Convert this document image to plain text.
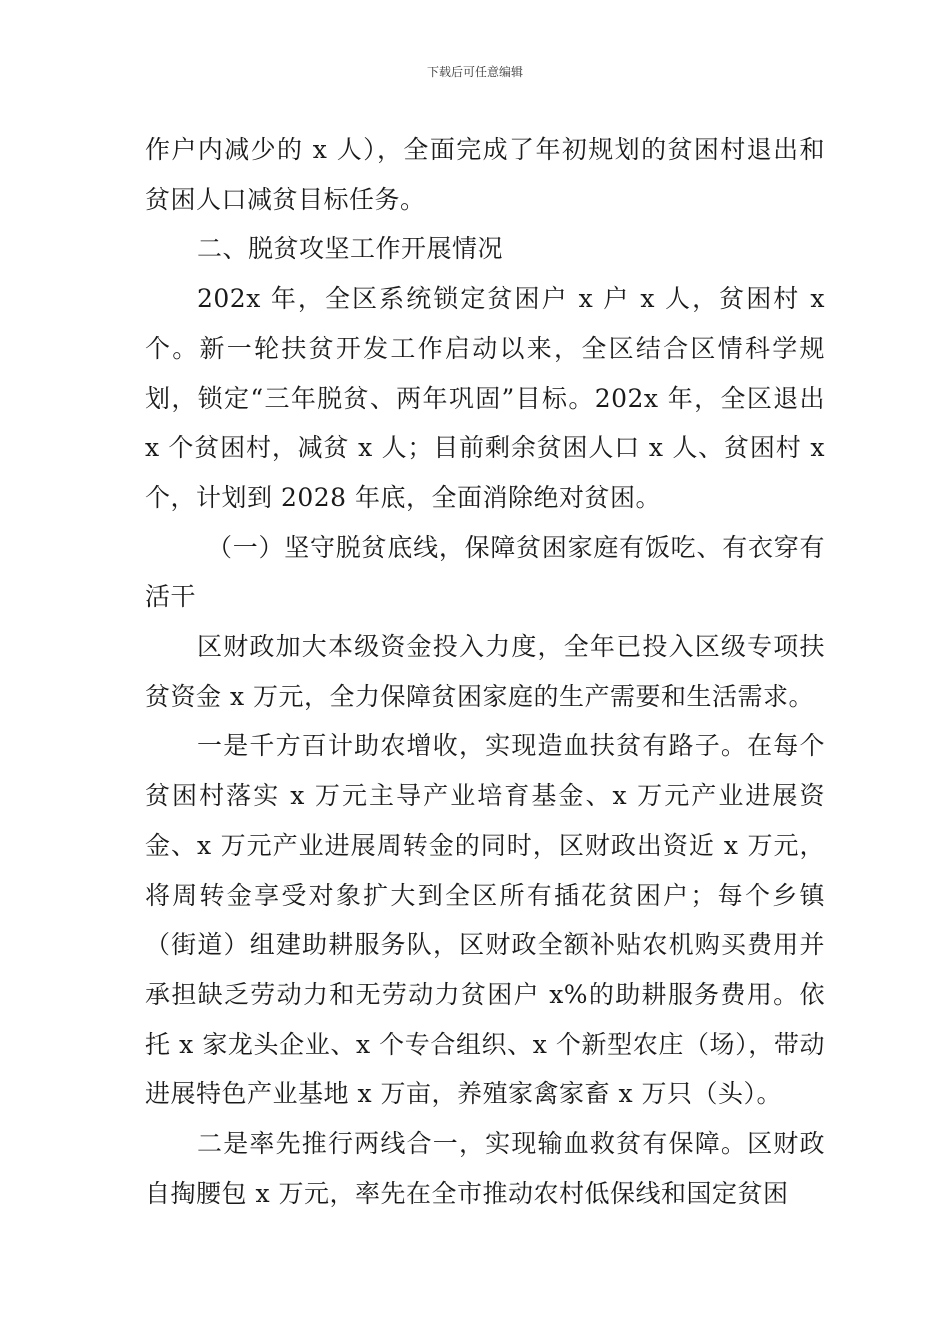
下载后可任意编辑

作户内减少的 x 人），全面完成了年初规划的贫困村退出和贫困人口减贫目标任务。

二、脱贫攻坚工作开展情况

202x 年，全区系统锁定贫困户 x 户 x 人，贫困村 x 个。新一轮扶贫开发工作启动以来，全区结合区情科学规划，锁定“三年脱贫、两年巩固”目标。202x 年，全区退出 x 个贫困村，减贫 x 人；目前剩余贫困人口 x 人、贫困村 x 个，计划到 2028 年底，全面消除绝对贫困。

（一）坚守脱贫底线，保障贫困家庭有饭吃、有衣穿有活干

区财政加大本级资金投入力度，全年已投入区级专项扶贫资金 x 万元，全力保障贫困家庭的生产需要和生活需求。

一是千方百计助农增收，实现造血扶贫有路子。在每个贫困村落实 x 万元主导产业培育基金、x 万元产业进展资金、x 万元产业进展周转金的同时，区财政出资近 x 万元，将周转金享受对象扩大到全区所有插花贫困户；每个乡镇（街道）组建助耕服务队，区财政全额补贴农机购买费用并承担缺乏劳动力和无劳动力贫困户 x%的助耕服务费用。依托 x 家龙头企业、x 个专合组织、x 个新型农庄（场），带动进展特色产业基地 x 万亩，养殖家禽家畜 x 万只（头）。

二是率先推行两线合一，实现输血救贫有保障。区财政自掏腰包 x 万元，率先在全市推动农村低保线和国定贫困
